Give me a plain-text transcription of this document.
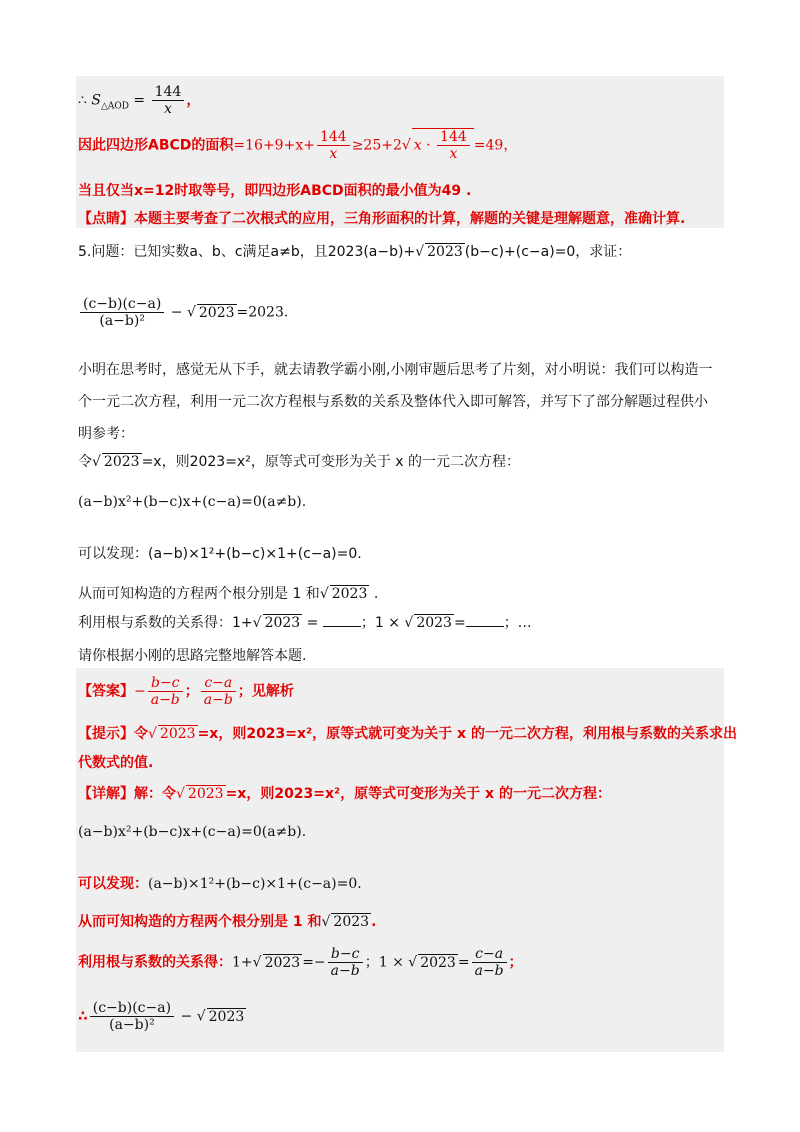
∴ $S_{\triangle AOD} = \frac{144}{x}$ ，
因此四边形ABCD的面积$=16+9+x+ \frac{144}{x} \ge 25+2√$ $x \cdot \frac{144}{x} =49$，
当且仅当x=12时取等号，即四边形ABCD面积的最小值为49 .
【点睛】本题主要考查了二次根式的应用，三角形面积的计算，解题的关键是理解题意，准确计算.
5.问题：已知实数a、b、c满足a≠b，且2023(a−b)+√ 2023 (b−c)+(c−a)=0，求证：
$\frac{(c-b)(c-a)}{\text{(a−b)²}}$ − √ 2023 =2023.
小明在思考时，感觉无从下手，就去请教学霸小刚,小刚审题后思考了片刻，对小明说：我们可以构造一
个一元二次方程，利用一元二次方程根与系数的关系及整体代入即可解答，并写下了部分解题过程供小
明参考：
令√ 2023 =x，则2023=x²，原等式可变形为关于 x 的一元二次方程：
(a−b)x²+(b−c)x+(c−a)=0(a≠b).
可以发现：(a−b)×1²+(b−c)×1+(c−a)=0.
从而可知构造的方程两个根分别是 1 和√ 2023 .
利用根与系数的关系得：1+√ 2023 =	；1 × √ 2023 =	；…
请你根据小刚的思路完整地解答本题.
【答案】− $\frac{b-c}{a-b}$ ； $\frac{c-a}{a-b}$ ；见解析
【提示】令√ 2023 =x，则2023=x²，原等式就可变为关于 x 的一元二次方程，利用根与系数的关系求出
代数式的值.
【详解】解：令√ 2023 =x，则2023=x²，原等式可变形为关于 x 的一元二次方程：
(a−b)x²+(b−c)x+(c−a)=0(a≠b).
可以发现：(a−b)×1²+(b−c)×1+(c−a)=0.
从而可知构造的方程两个根分别是 1 和√ 2023 .
利用根与系数的关系得：1+√ $2023 =- \frac{b-c}{a-b}$ ；1 × √ $2023 = \frac{c-a}{a-b}$ ；
∴ $\frac{(c-b)(c-a)}{\text{(a−b)²}}$ − √ 2023
